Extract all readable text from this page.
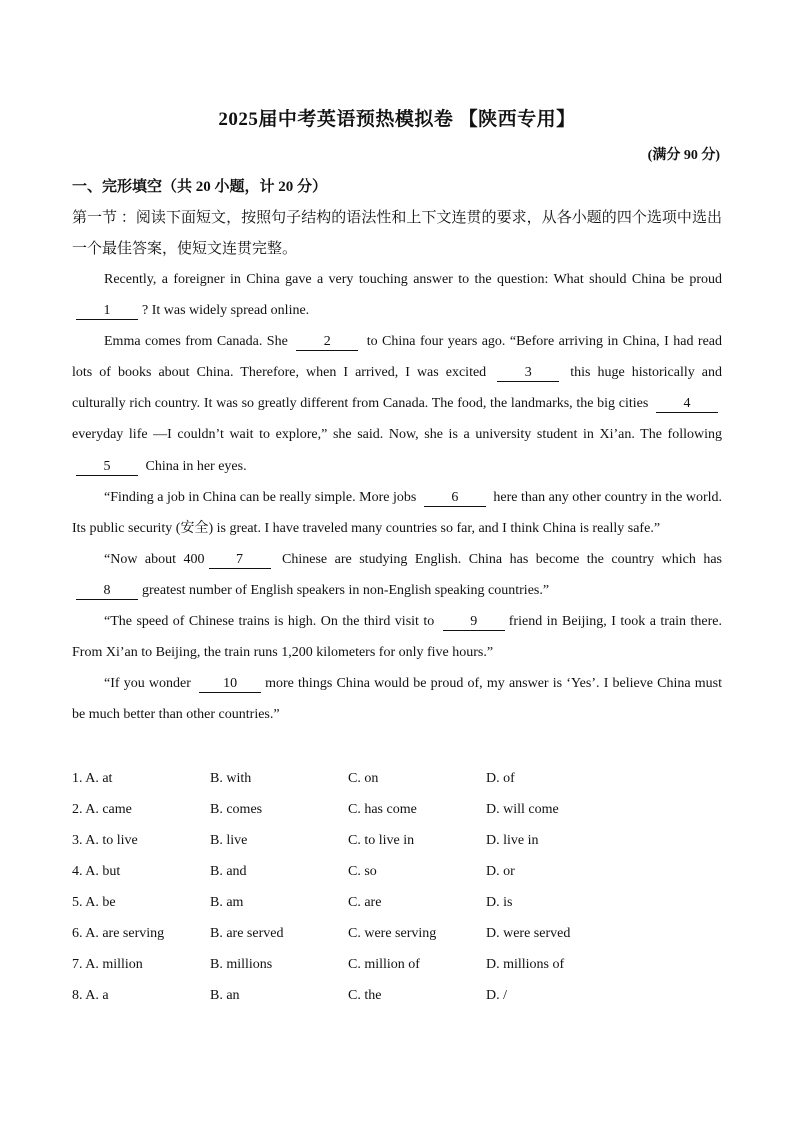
2025届中考英语预热模拟卷 【陕西专用】
(满分 90 分)
一、完形填空（共 20 小题，计 20 分）
第一节 ：阅读下面短文，按照句子结构的语法性和上下文连贯的要求，从各小题的四个选项中选出一个最佳答案，使短文连贯完整。

Recently, a foreigner in China gave a very touching answer to the question: What should China be proud 1 ? It was widely spread online.

Emma comes from Canada. She	2	to China four years ago. “Before arriving in China, I had read lots of books about China. Therefore, when I arrived, I was excited	3	this huge historically and culturally rich country. It was so greatly different from Canada. The food, the landmarks, the big cities	4 everyday life —I couldn’t wait to explore,” she said. Now, she is a university student in Xi’an. The following 5	China in her eyes.

“Finding a job in China can be really simple. More jobs	6	here than any other country in the world. Its public security (安全) is great. I have traveled many countries so far, and I think China is really safe.”

“Now about 400 7	Chinese are studying English. China has become the country which has8 greatest number of English speakers in non-English speaking countries.”

“The speed of Chinese trains is high. On the third visit to	9 friend in Beijing, I took a train there. From Xi’an to Beijing, the train runs 1,200 kilometers for only five hours.”

“If you wonder 10 more things China would be proud of, my answer is ‘Yes’. I believe China must be much better than other countries.”

1. A. at	B. with	C. on	D. of
2. A. came	B. comes	C. has come	D. will come
3. A. to live	B. live	C. to live in	D. live in
4. A. but	B. and	C. so	D. or
5. A. be	B. am	C. are	D. is
6. A. are serving	B. are served	C. were serving	D. were served
7. A. million	B. millions	C. million of	D. millions of
8. A. a	B. an	C. the	D. /
